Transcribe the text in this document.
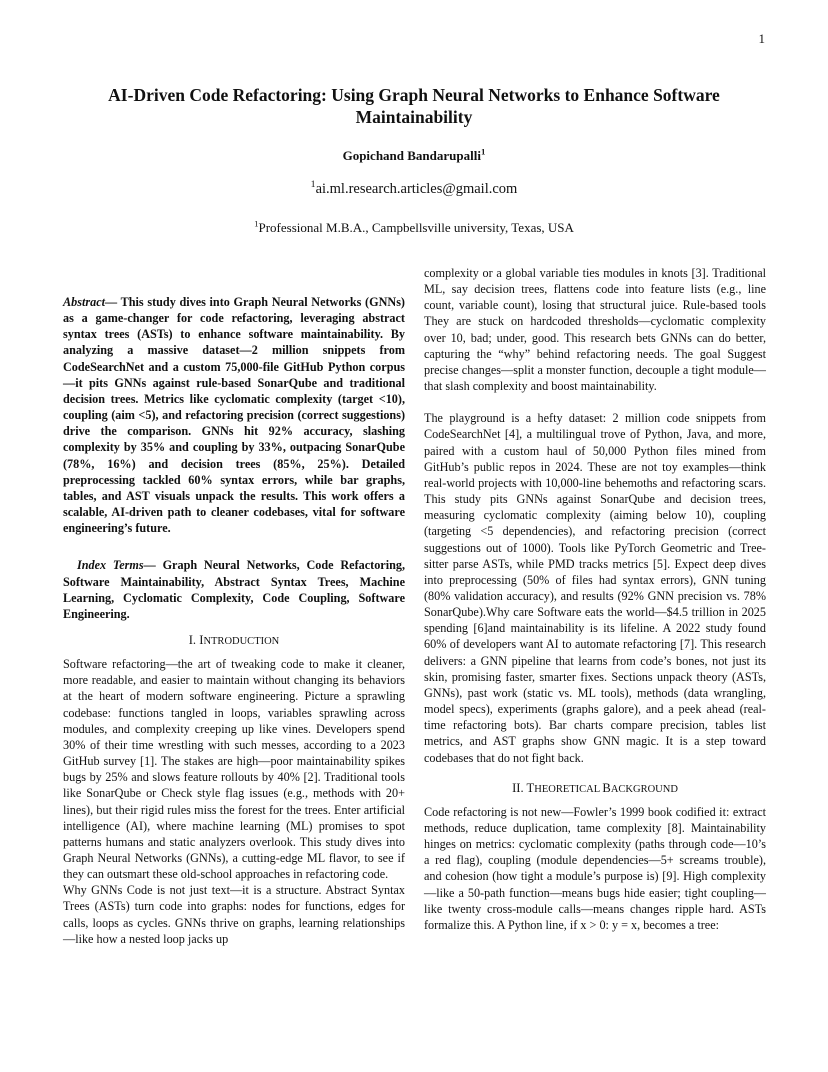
1
AI-Driven Code Refactoring: Using Graph Neural Networks to Enhance Software Maintainability
Gopichand Bandarupalli$^1$
$^1$ai.ml.research.articles@gmail.com
$^1$Professional M.B.A., Campbellsville university, Texas, USA

Abstract— This study dives into Graph Neural Networks (GNNs) as a game-changer for code refactoring, leveraging abstract syntax trees (ASTs) to enhance software maintainability. By analyzing a massive dataset—2 million snippets from CodeSearchNet and a custom 75,000-file GitHub Python corpus—it pits GNNs against rule-based SonarQube and traditional decision trees. Metrics like cyclomatic complexity (target <10), coupling (aim <5), and refactoring precision (correct suggestions) drive the comparison. GNNs hit 92% accuracy, slashing complexity by 35% and coupling by 33%, outpacing SonarQube (78%, 16%) and decision trees (85%, 25%). Detailed preprocessing tackled 60% syntax errors, while bar graphs, tables, and AST visuals unpack the results. This work offers a scalable, AI-driven path to cleaner codebases, vital for software engineering’s future.

Index Terms— Graph Neural Networks, Code Refactoring, Software Maintainability, Abstract Syntax Trees, Machine Learning, Cyclomatic Complexity, Code Coupling, Software Engineering.

I. INTRODUCTION

Software refactoring—the art of tweaking code to make it cleaner, more readable, and easier to maintain without changing its behaviors at the heart of modern software engineering. Picture a sprawling codebase: functions tangled in loops, variables sprawling across modules, and complexity creeping up like vines. Developers spend 30% of their time wrestling with such messes, according to a 2023 GitHub survey [1]. The stakes are high—poor maintainability spikes bugs by 25% and slows feature rollouts by 40% [2]. Traditional tools like SonarQube or Check style flag issues (e.g., methods with 20+ lines), but their rigid rules miss the forest for the trees. Enter artificial intelligence (AI), where machine learning (ML) promises to spot patterns humans and static analyzers overlook. This study dives into Graph Neural Networks (GNNs), a cutting-edge ML flavor, to see if they can outsmart these old-school approaches in refactoring code.

Why GNNs Code is not just text—it is a structure. Abstract Syntax Trees (ASTs) turn code into graphs: nodes for functions, edges for calls, loops as cycles. GNNs thrive on graphs, learning relationships—like how a nested loop jacks up

complexity or a global variable ties modules in knots [3]. Traditional ML, say decision trees, flattens code into feature lists (e.g., line count, variable count), losing that structural juice. Rule-based tools They are stuck on hardcoded thresholds—cyclomatic complexity over 10, bad; under, good. This research bets GNNs can do better, capturing the “why” behind refactoring needs. The goal Suggest precise changes—split a monster function, decouple a tight module—that slash complexity and boost maintainability.

The playground is a hefty dataset: 2 million code snippets from CodeSearchNet [4], a multilingual trove of Python, Java, and more, paired with a custom haul of 50,000 Python files mined from GitHub’s public repos in 2024. These are not toy examples—think real-world projects with 10,000-line behemoths and refactoring scars. This study pits GNNs against SonarQube and decision trees, measuring cyclomatic complexity (aiming below 10), coupling (targeting <5 dependencies), and refactoring precision (correct suggestions out of 1000). Tools like PyTorch Geometric and Tree-sitter parse ASTs, while PMD tracks metrics [5]. Expect deep dives into preprocessing (50% of files had syntax errors), GNN tuning (80% validation accuracy), and results (92% GNN precision vs. 78% SonarQube).Why care Software eats the world—$4.5 trillion in 2025 spending [6]and maintainability is its lifeline. A 2022 study found 60% of developers want AI to automate refactoring [7]. This research delivers: a GNN pipeline that learns from code’s bones, not just its skin, promising faster, smarter fixes. Sections unpack theory (ASTs, GNNs), past work (static vs. ML tools), methods (data wrangling, model specs), experiments (graphs galore), and a peek ahead (real-time refactoring bots). Bar charts compare precision, tables list metrics, and AST graphs show GNN magic. It is a step toward codebases that do not fight back.

II. THEORETICAL BACKGROUND

Code refactoring is not new—Fowler’s 1999 book codified it: extract methods, reduce duplication, tame complexity [8]. Maintainability hinges on metrics: cyclomatic complexity (paths through code—10’s a red flag), coupling (module dependencies—5+ screams trouble), and cohesion (how tight a module’s purpose is) [9]. High complexity—like a 50-path function—means bugs hide easier; tight coupling—like twenty cross-module calls—means changes ripple hard. ASTs formalize this. A Python line, if x > 0: y = x, becomes a tree:
